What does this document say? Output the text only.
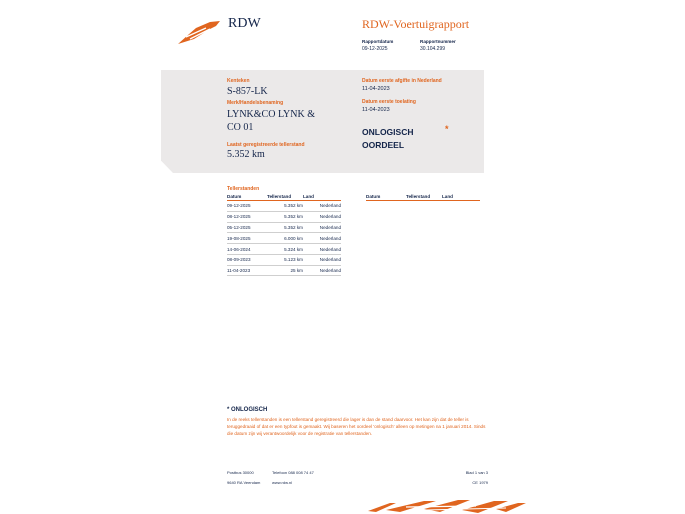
RDW	RDW-Voertuigrapport
Rapportdatum
09-12-2025
Rapportnummer
30.104.299
Kenteken
S-857-LK
Merk/Handelsbenaming
LYNK&CO LYNK & CO 01
Laatst geregistreerde tellerstand
5.352 km
Datum eerste afgifte in Nederland
11-04-2023
Datum eerste toelating
11-04-2023
ONLOGISCH OORDEEL
*
Tellerstanden
Datum	Tellerstand	Land
09-12-2025	5.352 km	Nederland
08-12-2025	5.352 km	Nederland
05-12-2025	5.352 km	Nederland
19-08-2025	6.000 km	Nederland
14-06-2024	5.324 km	Nederland
08-09-2023	5.123 km	Nederland
11-04-2023	25 km	Nederland
Datum	Tellerstand	Land
* ONLOGISCH
In de reeks tellerstanden is een tellerstand geregistreerd die lager is dan de stand daarvoor. Het kan zijn dat de teller is teruggedraaid of dat er een typfout is gemaakt. Wij baseren het oordeel 'onlogisch' alleen op metingen na 1 januari 2014. Sinds die datum zijn wij verantwoordelijk voor de registratie van tellerstanden.
Postbus 30000
9640 RA Veendam
Telefoon 088 008 74 47
www.rdw.nl
Blad 1 van 3
CE 1979
